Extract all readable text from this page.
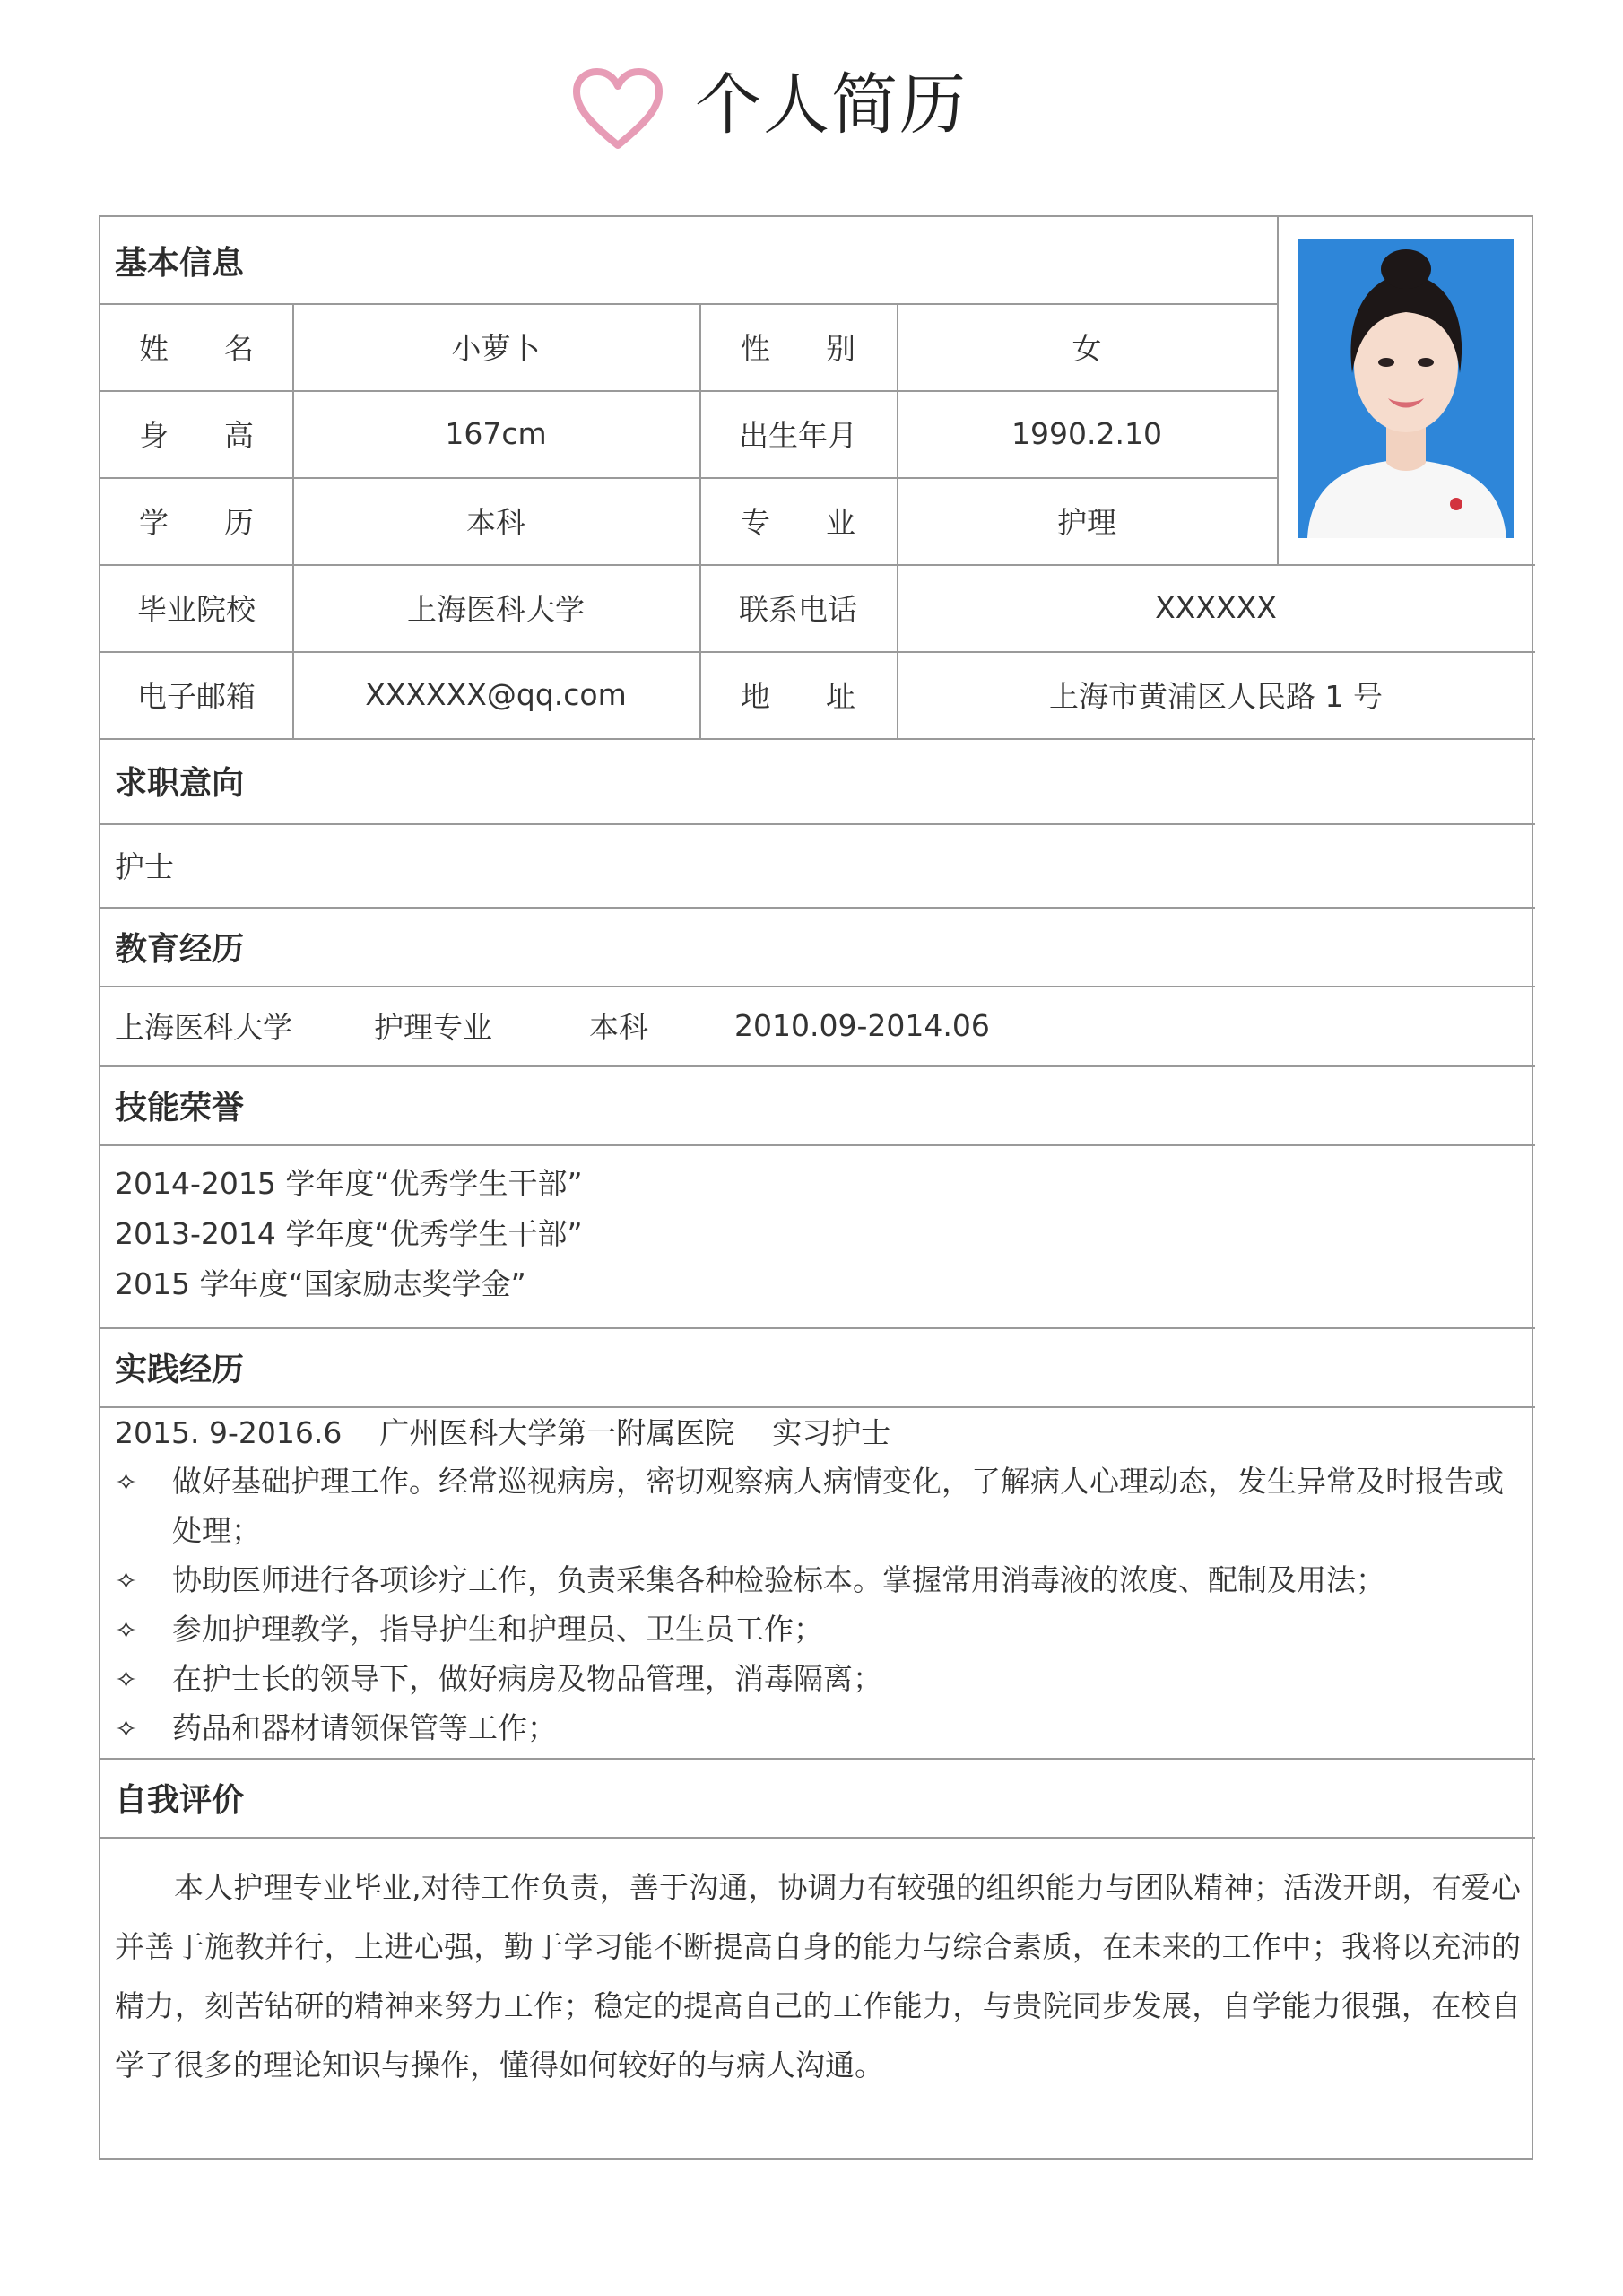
个人简历
基本信息
姓 名	小萝卜	性 别	女
身 高	167cm	出生年月	1990.2.10
学 历	本科	专 业	护理
毕业院校	上海医科大学	联系电话	XXXXXX
电子邮箱	XXXXXX@qq.com	地 址	上海市黄浦区人民路 1 号
求职意向
护士
教育经历
上海医科大学	护理专业	本科	2010.09-2014.06
技能荣誉
2014-2015 学年度“优秀学生干部”
2013-2014 学年度“优秀学生干部”
2015 学年度“国家励志奖学金”
实践经历
2015. 9-2016.6    广州医科大学第一附属医院    实习护士
✧ 做好基础护理工作。经常巡视病房，密切观察病人病情变化，了解病人心理动态，发生异常及时报告或处理；
✧ 协助医师进行各项诊疗工作，负责采集各种检验标本。掌握常用消毒液的浓度、配制及用法；
✧ 参加护理教学，指导护生和护理员、卫生员工作；
✧ 在护士长的领导下，做好病房及物品管理，消毒隔离；
✧ 药品和器材请领保管等工作；
自我评价
本人护理专业毕业,对待工作负责，善于沟通，协调力有较强的组织能力与团队精神；活泼开朗，有爱心并善于施教并行，上进心强，勤于学习能不断提高自身的能力与综合素质，在未来的工作中；我将以充沛的精力，刻苦钻研的精神来努力工作；稳定的提高自己的工作能力，与贵院同步发展，自学能力很强，在校自学了很多的理论知识与操作，懂得如何较好的与病人沟通。
